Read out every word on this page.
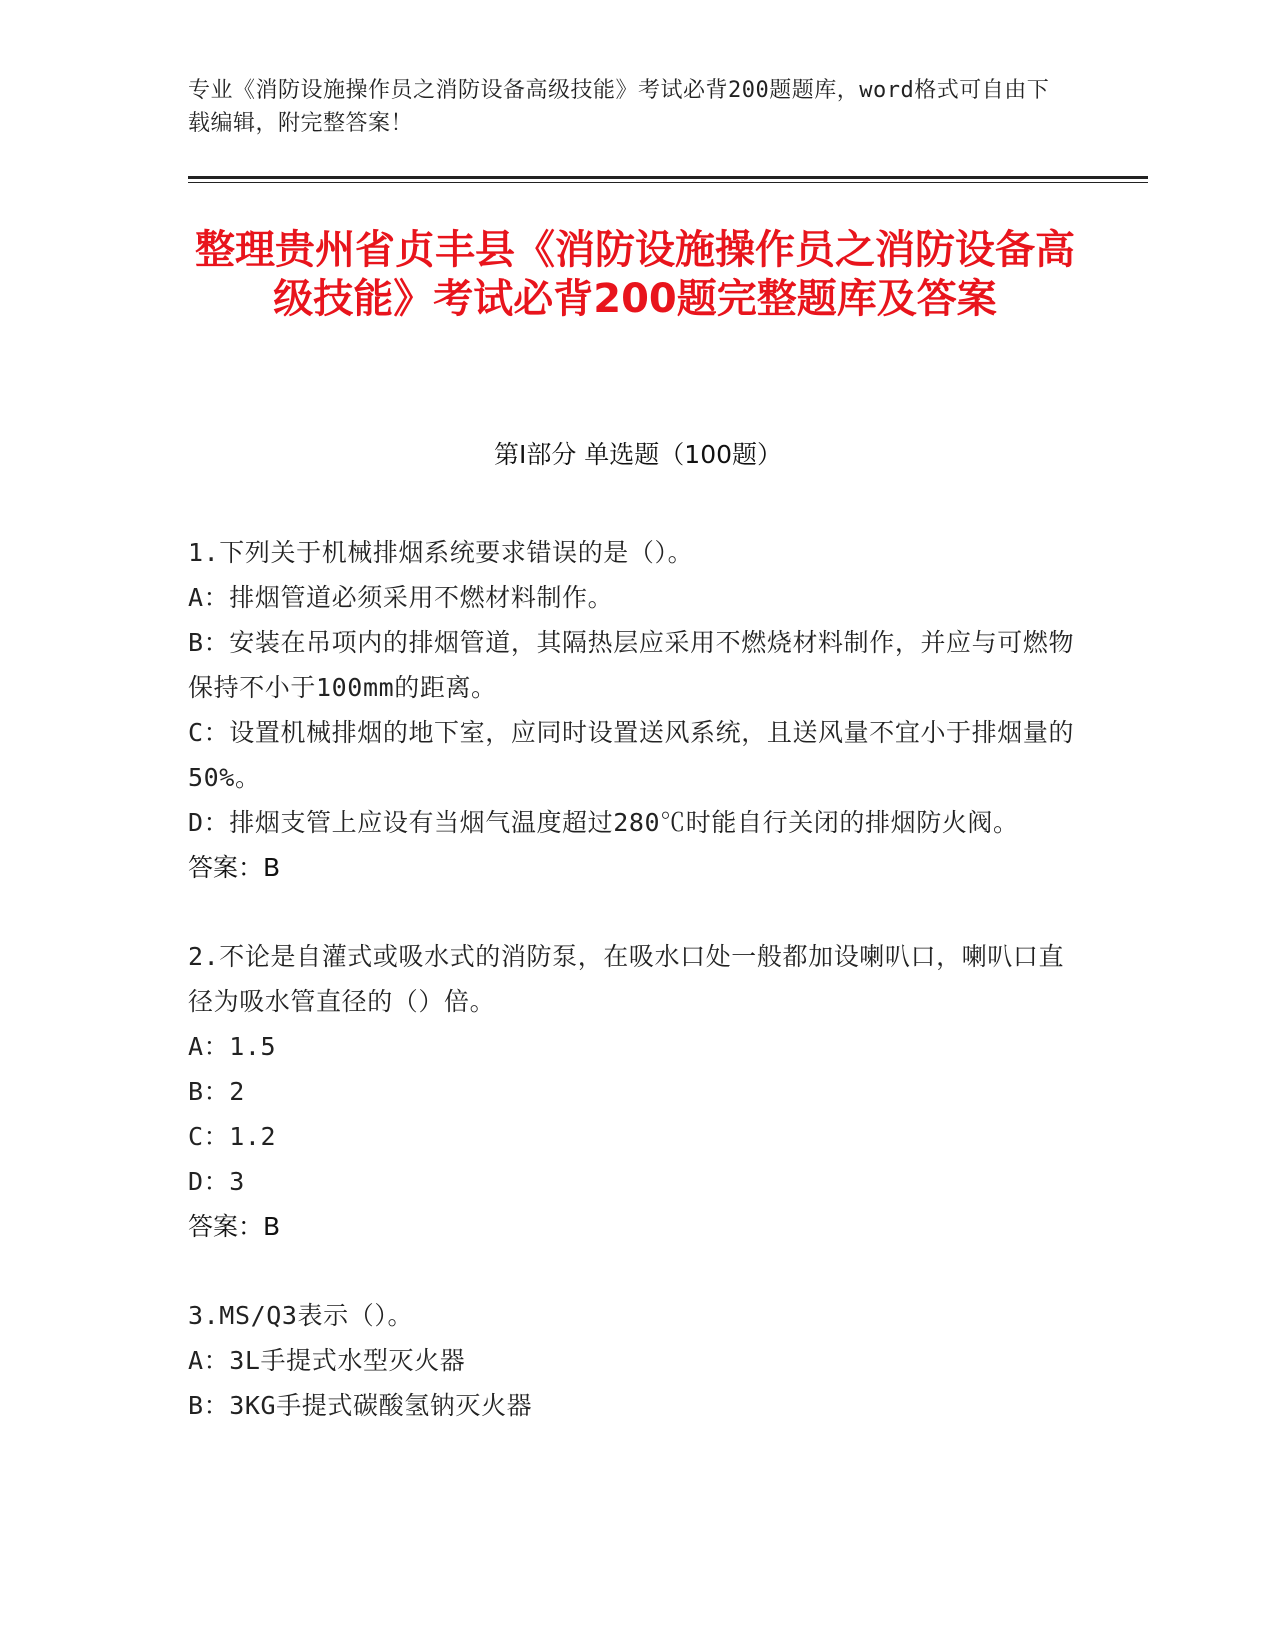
专业《消防设施操作员之消防设备高级技能》考试必背200题题库，word格式可自由下载编辑，附完整答案！
整理贵州省贞丰县《消防设施操作员之消防设备高级技能》考试必背200题完整题库及答案
第I部分 单选题（100题）
1.下列关于机械排烟系统要求错误的是（）。
A：排烟管道必须采用不燃材料制作。
B：安装在吊项内的排烟管道，其隔热层应采用不燃烧材料制作，并应与可燃物保持不小于100mm的距离。
C：设置机械排烟的地下室，应同时设置送风系统，且送风量不宜小于排烟量的50%。
D：排烟支管上应设有当烟气温度超过280℃时能自行关闭的排烟防火阀。
答案：B
2.不论是自灌式或吸水式的消防泵，在吸水口处一般都加设喇叭口，喇叭口直径为吸水管直径的（）倍。
A：1.5
B：2
C：1.2
D：3
答案：B
3.MS/Q3表示（）。
A：3L手提式水型灭火器
B：3KG手提式碳酸氢钠灭火器
